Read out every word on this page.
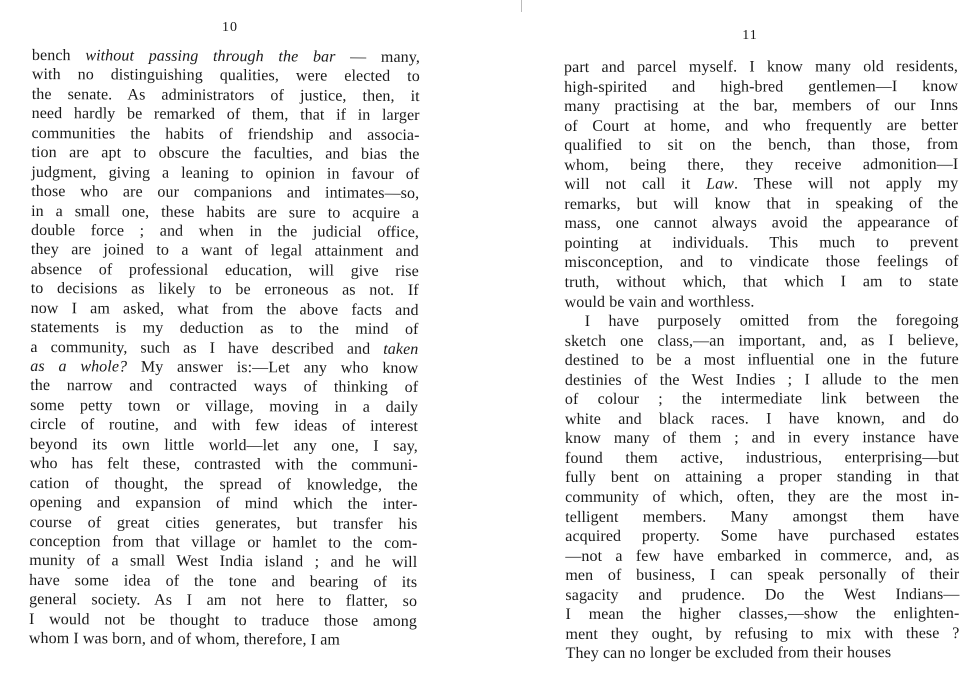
10
bench without passing through the bar — many,
with no distinguishing qualities, were elected to
the senate. As administrators of justice, then, it
need hardly be remarked of them, that if in larger
communities the habits of friendship and associa-
tion are apt to obscure the faculties, and bias the
judgment, giving a leaning to opinion in favour of
those who are our companions and intimates—so,
in a small one, these habits are sure to acquire a
double force ; and when in the judicial office,
they are joined to a want of legal attainment and
absence of professional education, will give rise
to decisions as likely to be erroneous as not. If
now I am asked, what from the above facts and
statements is my deduction as to the mind of
a community, such as I have described and taken
as a whole? My answer is:—Let any who know
the narrow and contracted ways of thinking of
some petty town or village, moving in a daily
circle of routine, and with few ideas of interest
beyond its own little world—let any one, I say,
who has felt these, contrasted with the communi-
cation of thought, the spread of knowledge, the
opening and expansion of mind which the inter-
course of great cities generates, but transfer his
conception from that village or hamlet to the com-
munity of a small West India island ; and he will
have some idea of the tone and bearing of its
general society. As I am not here to flatter, so
I would not be thought to traduce those among
whom I was born, and of whom, therefore, I am
11
part and parcel myself. I know many old residents,
high-spirited and high-bred gentlemen—I know
many practising at the bar, members of our Inns
of Court at home, and who frequently are better
qualified to sit on the bench, than those, from
whom, being there, they receive admonition—I
will not call it Law. These will not apply my
remarks, but will know that in speaking of the
mass, one cannot always avoid the appearance of
pointing at individuals. This much to prevent
misconception, and to vindicate those feelings of
truth, without which, that which I am to state
would be vain and worthless.
I have purposely omitted from the foregoing
sketch one class,—an important, and, as I believe,
destined to be a most influential one in the future
destinies of the West Indies ; I allude to the men
of colour ; the intermediate link between the
white and black races. I have known, and do
know many of them ; and in every instance have
found them active, industrious, enterprising—but
fully bent on attaining a proper standing in that
community of which, often, they are the most in-
telligent members. Many amongst them have
acquired property. Some have purchased estates
—not a few have embarked in commerce, and, as
men of business, I can speak personally of their
sagacity and prudence. Do the West Indians—
I mean the higher classes,—show the enlighten-
ment they ought, by refusing to mix with these ?
They can no longer be excluded from their houses
